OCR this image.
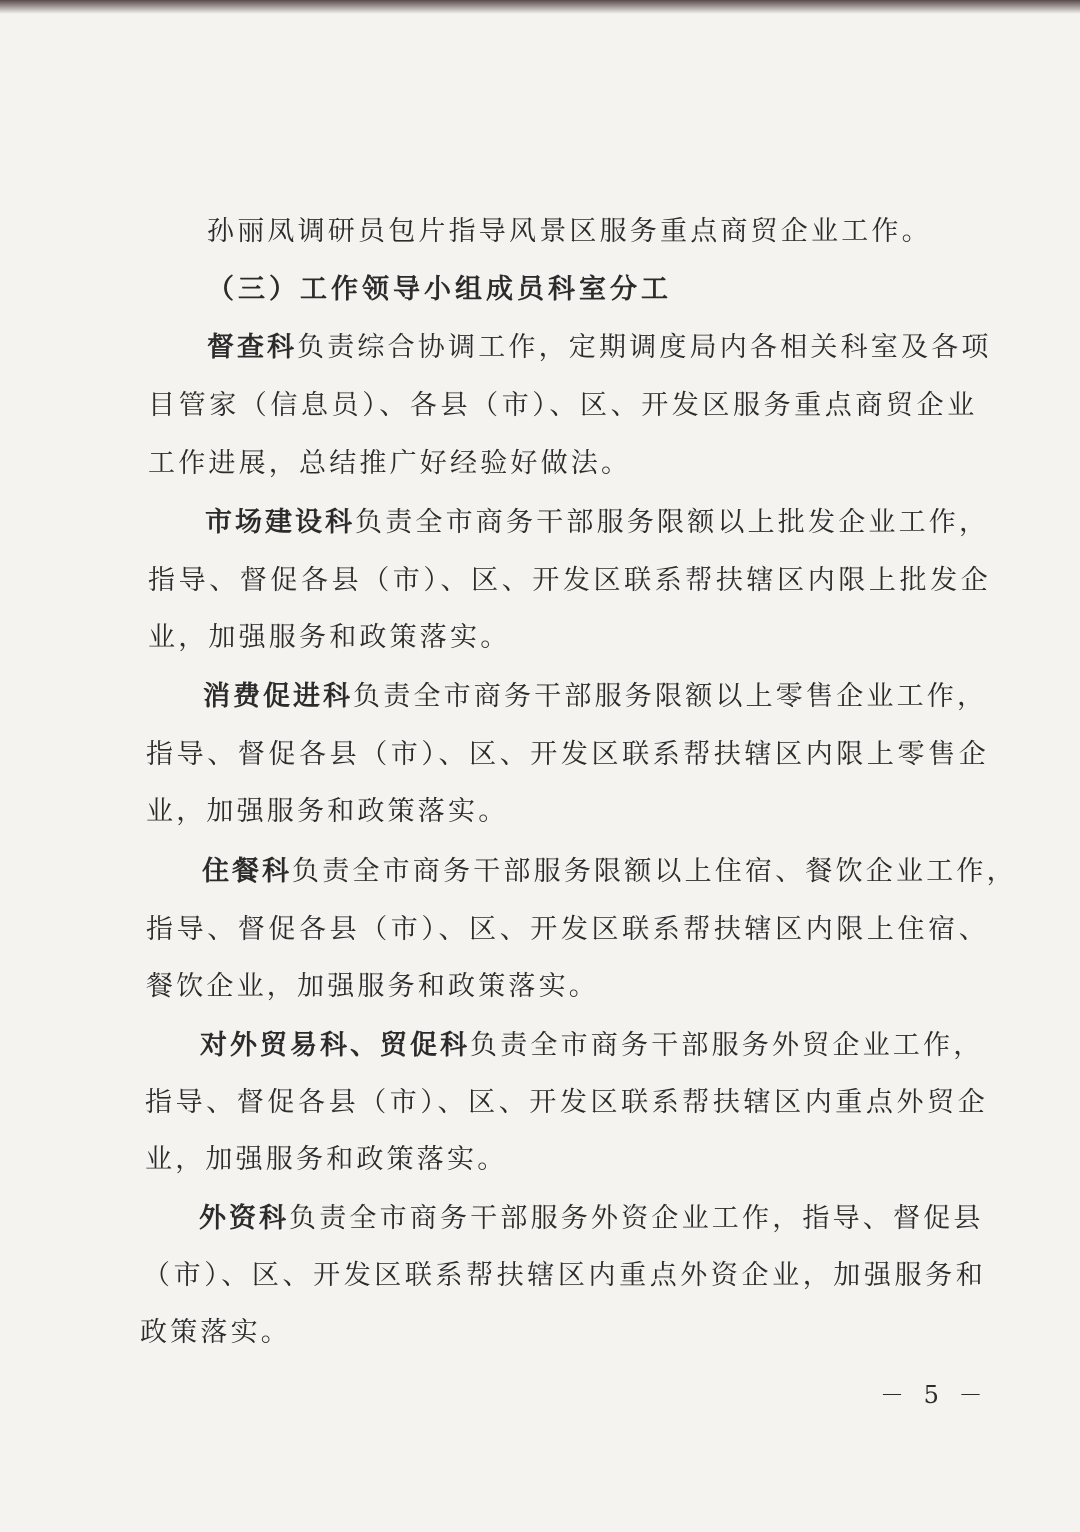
孙丽凤调研员包片指导风景区服务重点商贸企业工作。
（三）工作领导小组成员科室分工
督查科负责综合协调工作，定期调度局内各相关科室及各项
目管家（信息员）、各县（市）、区、开发区服务重点商贸企业
工作进展，总结推广好经验好做法。
市场建设科负责全市商务干部服务限额以上批发企业工作，
指导、督促各县（市）、区、开发区联系帮扶辖区内限上批发企
业，加强服务和政策落实。
消费促进科负责全市商务干部服务限额以上零售企业工作，
指导、督促各县（市）、区、开发区联系帮扶辖区内限上零售企
业，加强服务和政策落实。
住餐科负责全市商务干部服务限额以上住宿、餐饮企业工作，
指导、督促各县（市）、区、开发区联系帮扶辖区内限上住宿、
餐饮企业，加强服务和政策落实。
对外贸易科、贸促科负责全市商务干部服务外贸企业工作，
指导、督促各县（市）、区、开发区联系帮扶辖区内重点外贸企
业，加强服务和政策落实。
外资科负责全市商务干部服务外资企业工作，指导、督促县
（市）、区、开发区联系帮扶辖区内重点外资企业，加强服务和
政策落实。
－ 5 －
